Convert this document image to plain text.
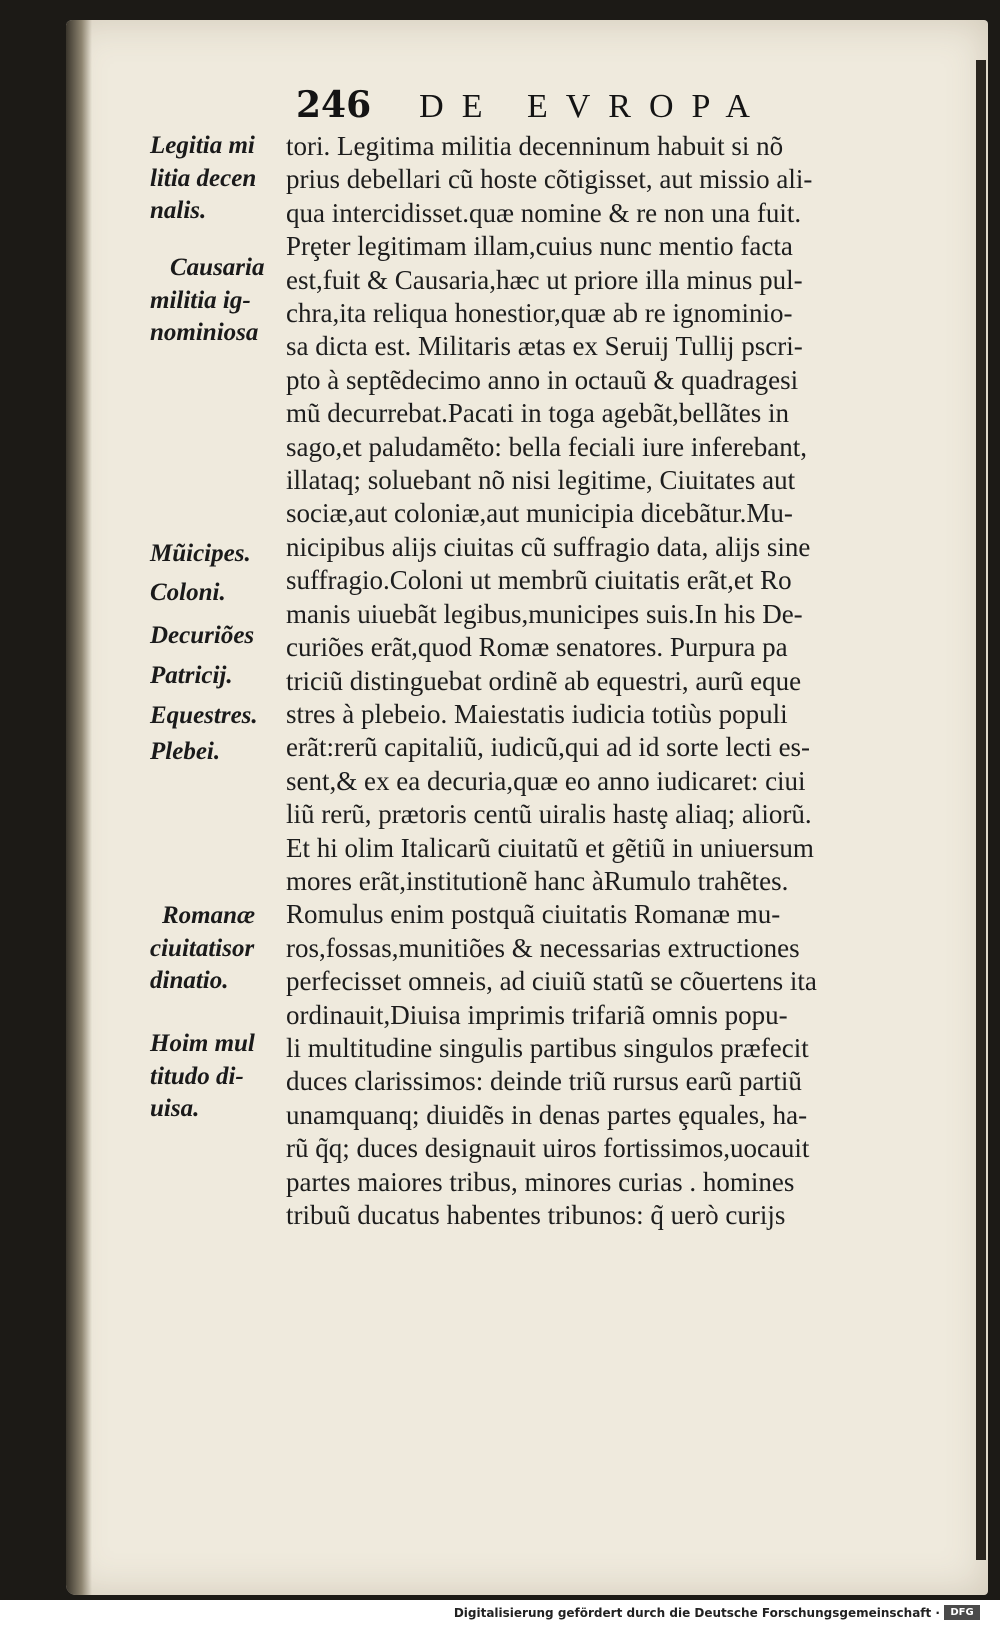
246 DE EVROPA
Legitia mi
litia decen
nalis.
Causaria
militia ig-
nominiosa
Mũicipes.
Coloni.
Decuriões
Patricij.
Equestres.
Plebei.
Romanæ
ciuitatisor
dinatio.
Hoim mul
titudo di-
uisa.
tori. Legitima militia decenninum habuit si nõ
prius debellari cũ hoste cõtigisset, aut missio ali-
qua intercidisset.quæ nomine & re non una fuit.
Prȩter legitimam illam,cuius nunc mentio facta
est,fuit & Causaria,hæc ut priore illa minus pul-
chra,ita reliqua honestior,quæ ab re ignominio-
sa dicta est. Militaris ætas ex Seruij Tullij pscri-
pto à septẽdecimo anno in octauũ & quadragesi
mũ decurrebat.Pacati in toga agebãt,bellãtes in
sago,et paludamẽto: bella feciali iure inferebant,
illataq; soluebant nõ nisi legitime, Ciuitates aut
sociæ,aut coloniæ,aut municipia dicebãtur.Mu-
nicipibus alijs ciuitas cũ suffragio data, alijs sine
suffragio.Coloni ut membrũ ciuitatis erãt,et Ro
manis uiuebãt legibus,municipes suis.In his De-
curiões erãt,quod Romæ senatores. Purpura pa
triciũ distinguebat ordinẽ ab equestri, aurũ eque
stres à plebeio. Maiestatis iudicia totiùs populi
erãt:rerũ capitaliũ, iudicũ,qui ad id sorte lecti es-
sent,& ex ea decuria,quæ eo anno iudicaret: ciui
liũ rerũ, prætoris centũ uiralis hastȩ aliaq; aliorũ.
Et hi olim Italicarũ ciuitatũ et gẽtiũ in uniuersum
mores erãt,institutionẽ hanc àRumulo trahẽtes.
Romulus enim postquã ciuitatis Romanæ mu-
ros,fossas,munitiões & necessarias extructiones
perfecisset omneis, ad ciuiũ statũ se cõuertens ita
ordinauit,Diuisa imprimis trifariã omnis popu-
li multitudine singulis partibus singulos præfecit
duces clarissimos: deinde triũ rursus earũ partiũ
unamquanq; diuidẽs in denas partes ȩquales, ha-
rũ q̃q; duces designauit uiros fortissimos,uocauit
partes maiores tribus, minores curias . homines
tribuũ ducatus habentes tribunos: q̃ uerò curijs
Digitalisierung gefördert durch die Deutsche Forschungsgemeinschaft ·	DFG
